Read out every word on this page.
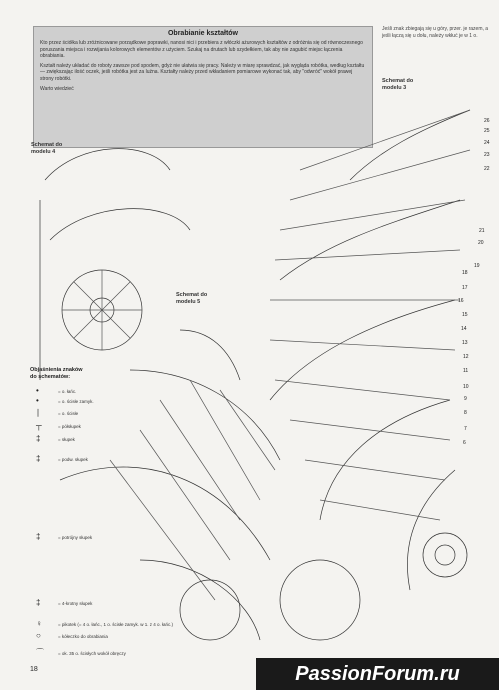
Obrabianie kształtów

Kto przez ściółka lub zróżnicowane porządkowe poprawki, nanosi nici i przebiera z włóczki ażurowych kształtów z odróżnia się od równoczesnego poruszania miejsca i rozwijania kolorowych elementów z użyciem. Szukaj na drutach lub szydełkiem, tak aby nie zagubić miejsc łączenia obrabiania.

Kształt należy układać do roboty zawsze pod spodem, gdyż nie ułatwia się pracy. Należy w miarę sprawdzać, jak wygląda robótka, według kształtu — zwiększając ilość oczek, jeśli robótka jest za luźna. Kształty należy przed wkładaniem pomiarowe wykonać tak, aby "odwróć" wokół prawej strony robótki.

Warto wiedzieć

Jeśli znak zbiegają się u góry, przer. je razem, a jeśli łączą się u dołu, należy wkłuć je w 1 o.
Schemat do modelu 3
Schemat do modelu 4
Schemat do modelu 5
26
25
24
23
22
21
20
19
18
17
16
15
14
13
12
11
10
9
8
7
6
Objaśnienia znaków do schematów:
•	= o. łańc.
•	= o. ścisłe zamyk.
∣	= o. ścisłe
┬	= półsłupek
‡	= słupek
‡	= podw. słupek
‡	= potrójny słupek
‡	= 4-krotny słupek
♀	= pikotek (= 4 o. łańc., 1 o. ścisłe zamyk. w 1. z 4 o. łańc.)
○	= kółeczko do obrabiania
⌒	= ok. 35 o. ścisłych wokół obręczy
18	PassionForum.ru
